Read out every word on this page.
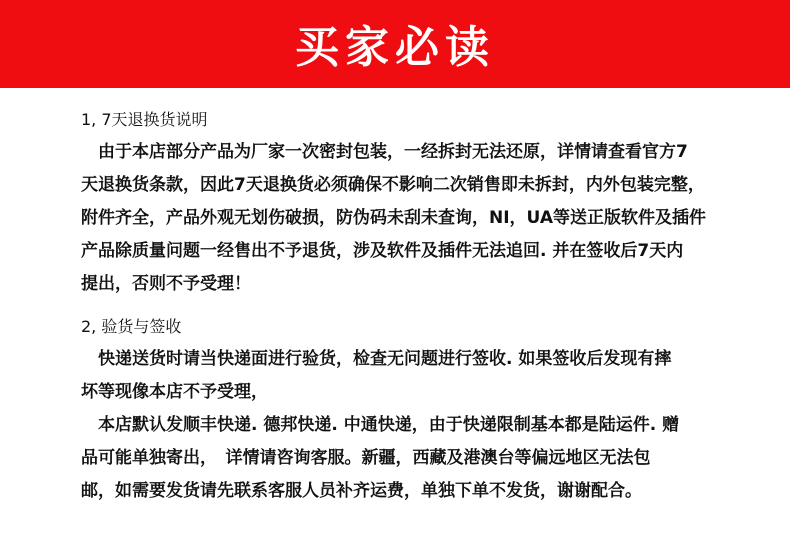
买家必读
1, 7天退换货说明
　由于本店部分产品为厂家一次密封包装，一经拆封无法还原，详情请查看官方7
天退换货条款，因此7天退换货必须确保不影响二次销售即未拆封，内外包装完整，
附件齐全，产品外观无划伤破损，防伪码未刮未查询，NI，UA等送正版软件及插件
产品除质量问题一经售出不予退货，涉及软件及插件无法追回. 并在签收后7天内
提出，否则不予受理！
2, 验货与签收
　快递送货时请当快递面进行验货，检查无问题进行签收. 如果签收后发现有摔
坏等现像本店不予受理，
　本店默认发顺丰快递. 德邦快递. 中通快递，由于快递限制基本都是陆运件. 赠
品可能单独寄出，　详情请咨询客服。新疆，西藏及港澳台等偏远地区无法包
邮，如需要发货请先联系客服人员补齐运费，单独下单不发货，谢谢配合。
